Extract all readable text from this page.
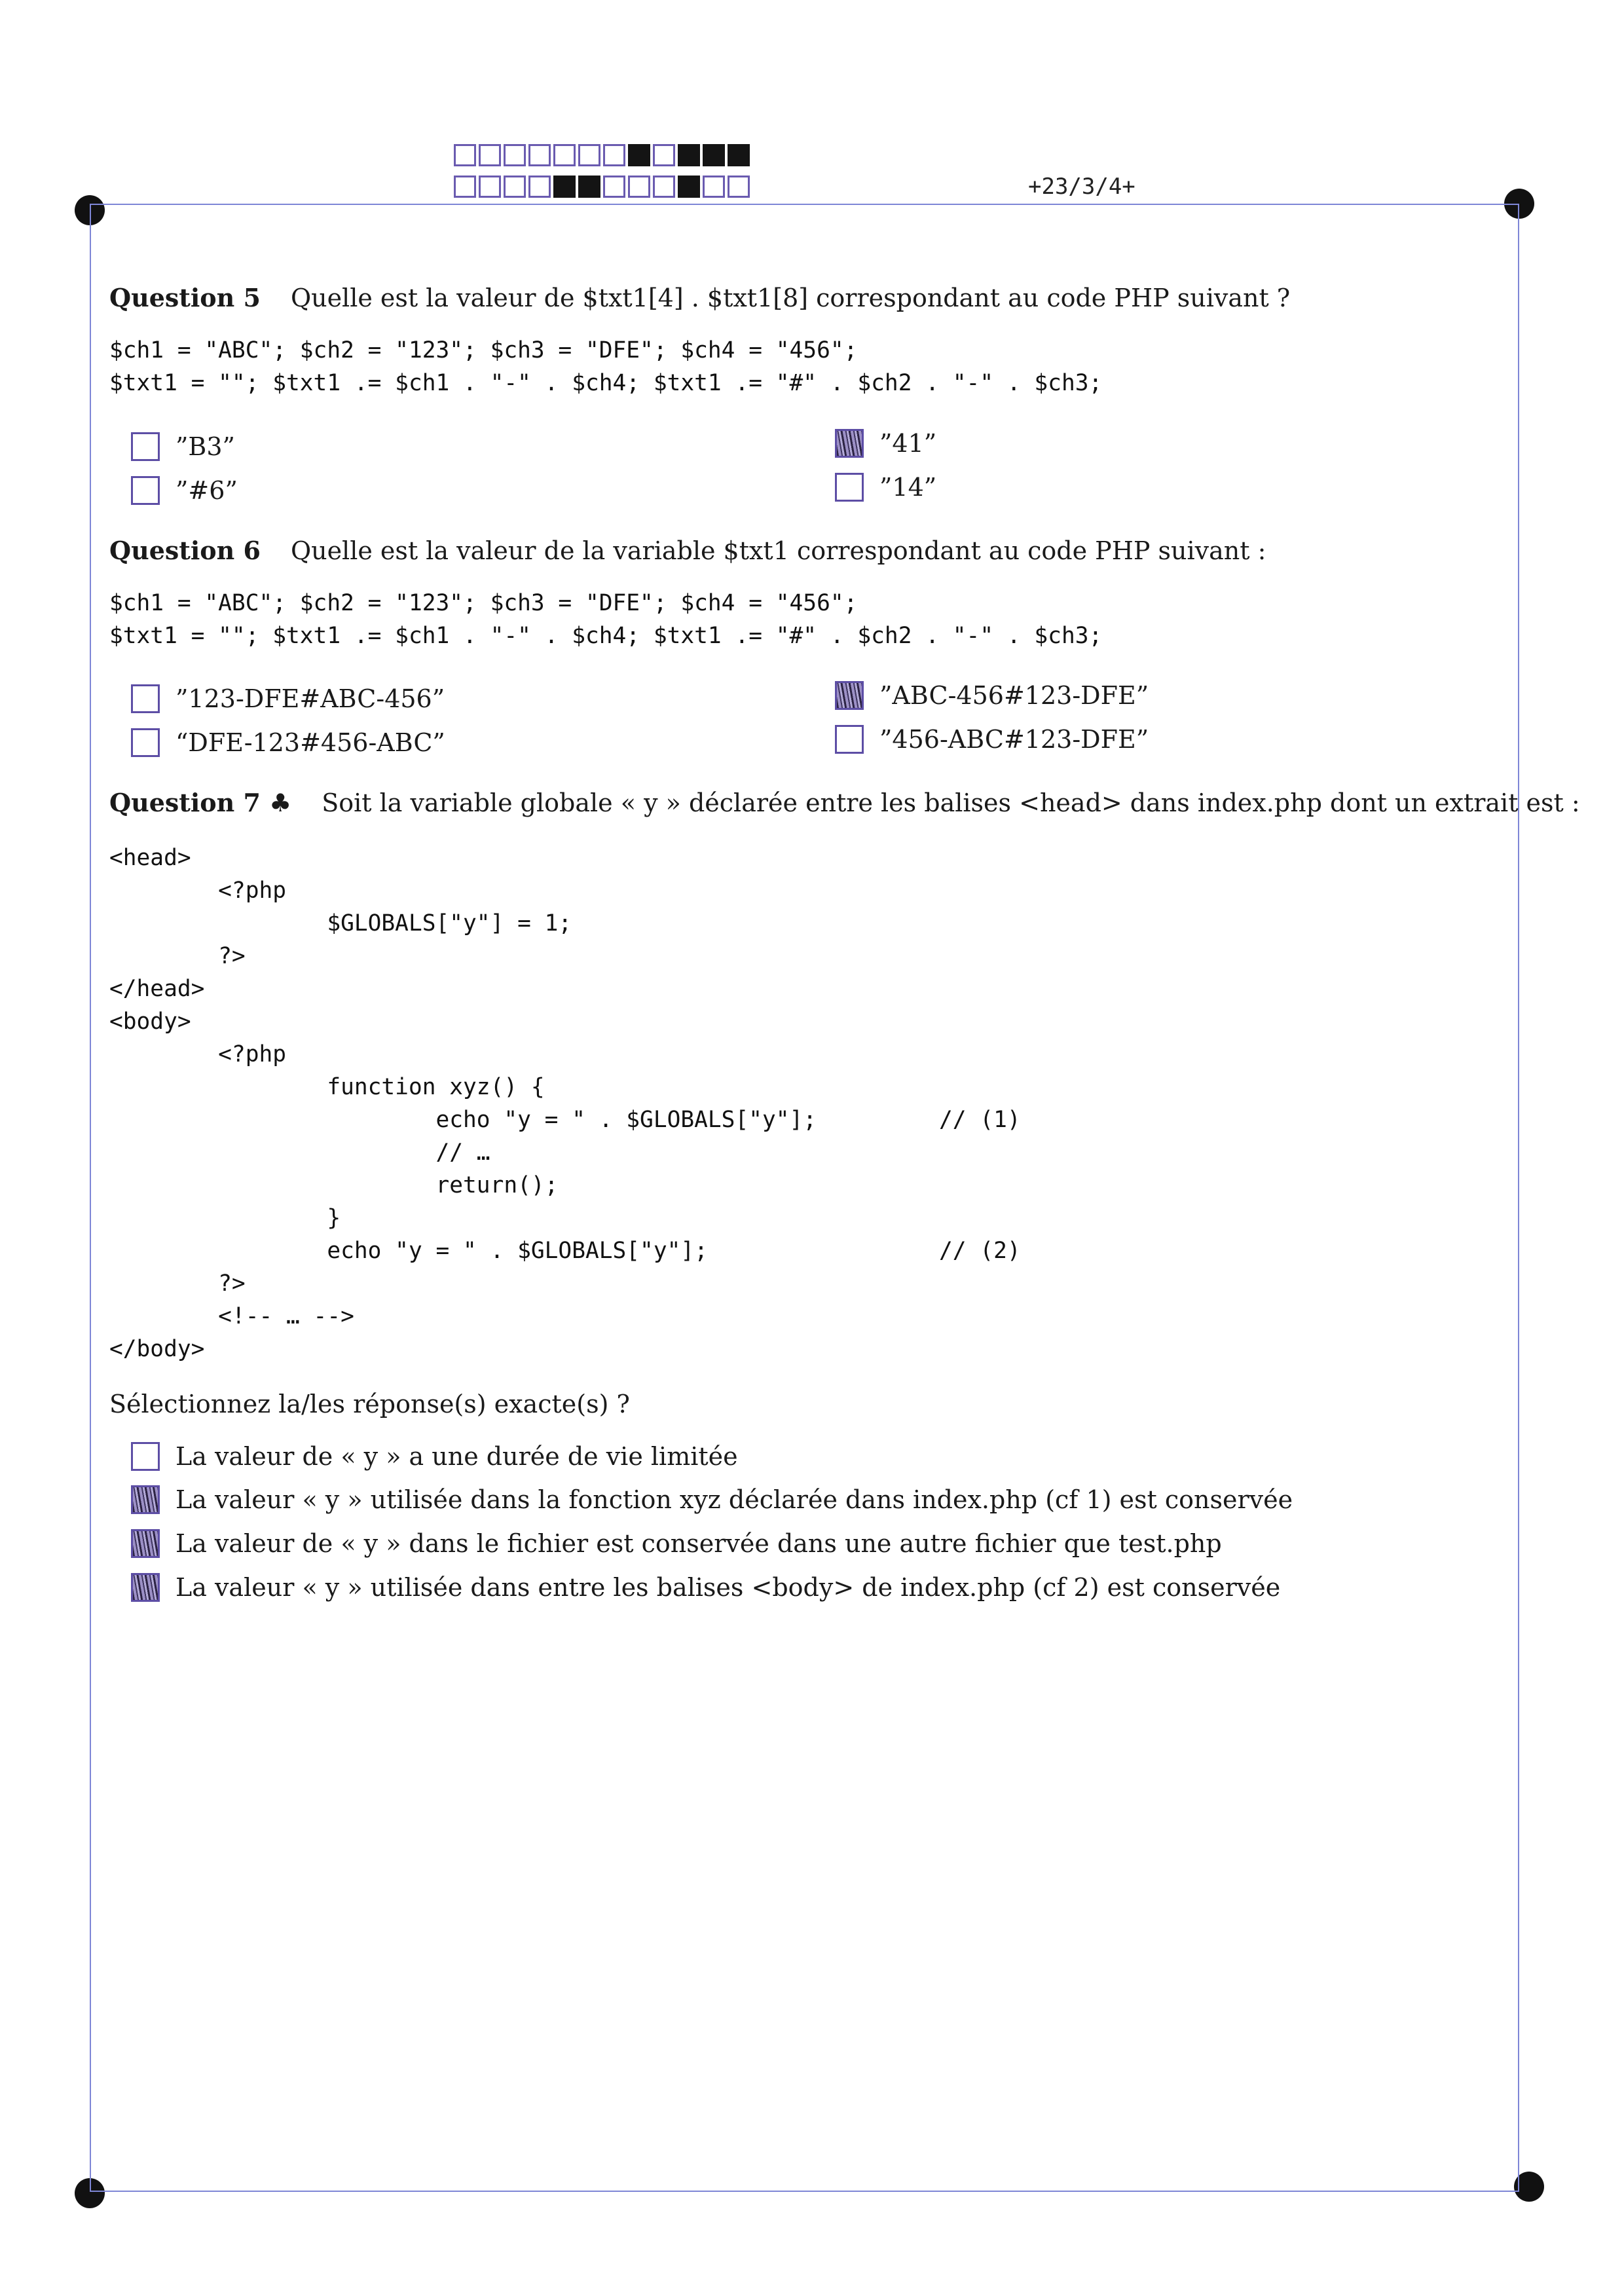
+23/3/4+
Question 5 Quelle est la valeur de $txt1[4] . $txt1[8] correspondant au code PHP suivant ?
$ch1 = "ABC"; $ch2 = "123"; $ch3 = "DFE"; $ch4 = "456";
$txt1 = ""; $txt1 .= $ch1 . "-" . $ch4; $txt1 .= "#" . $ch2 . "-" . $ch3;
”B3”	”41”
”#6”	”14”
Question 6 Quelle est la valeur de la variable $txt1 correspondant au code PHP suivant :
$ch1 = "ABC"; $ch2 = "123"; $ch3 = "DFE"; $ch4 = "456";
$txt1 = ""; $txt1 .= $ch1 . "-" . $ch4; $txt1 .= "#" . $ch2 . "-" . $ch3;
”123-DFE#ABC-456”	”ABC-456#123-DFE”
“DFE-123#456-ABC”	”456-ABC#123-DFE”
Question 7 ♣ Soit la variable globale « y » déclarée entre les balises <head> dans index.php dont un extrait est :
<head>
<?php
$GLOBALS["y"] = 1;
?>
</head>
<body>
<?php
function xyz() {
echo "y = " . $GLOBALS["y"];         // (1)
// …
return();
}
echo "y = " . $GLOBALS["y"];                 // (2)
?>
<!-- … -->
</body>
Sélectionnez la/les réponse(s) exacte(s) ?
La valeur de « y » a une durée de vie limitée
La valeur « y » utilisée dans la fonction xyz déclarée dans index.php (cf 1) est conservée
La valeur de « y » dans le fichier est conservée dans une autre fichier que test.php
La valeur « y » utilisée dans entre les balises <body> de index.php (cf 2) est conservée
